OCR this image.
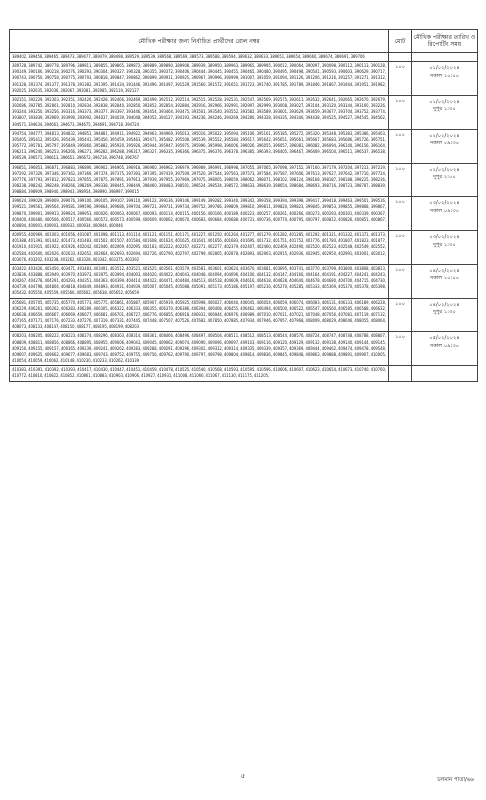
মৌখিক পরীক্ষার জন্য নির্বাচিত প্রার্থীদের রোল নম্বর	মোট	মৌখিক পরীক্ষার তারিখ ও রিপোর্টিং সময়
389402, 389456, 389465, 389473, 389477, 389479, 389498, 389529, 389539, 389568, 389569, 389573, 389588, 389594, 389632, 389633, 389651, 389654, 389660, 389674, 389691, 389706		

389728, 389742, 389778, 389796, 389811, 389855, 389865, 389872, 389889, 389890, 389908, 389939, 389950, 389963, 389965, 389995, 390012, 390064, 390097, 390098, 390112, 390113, 390128, 390149, 390166, 390218, 390276, 390293, 390304, 390327, 390328, 390355, 390372, 390406, 390444, 390445, 390455, 390465, 390480, 390495, 390498, 390541, 390593, 390603, 390629, 390717, 390743, 390750, 390758, 390775, 390793, 390818, 390847, 390862, 390899, 390911, 390925, 390967, 390996, 390999, 391007, 391059, 391094, 391126, 391206, 391216, 391257, 391271, 391312, 391328, 391374, 391377, 391378, 391382, 391395, 391434, 391446, 391496, 391497, 391529, 391560, 391572, 391651, 391723, 391740, 391785, 391789, 391846, 391867, 391944, 391951, 391982, 392025, 392035, 392036, 392067, 392081, 392085, 392119, 392127	১০০	০১/০২/২০২৪
সকাল ১০:০০

392151, 392229, 392303, 392351, 392420, 392428, 392466, 392469, 392499, 392512, 392514, 392515, 392528, 392531, 392547, 392569, 392575, 392611, 392632, 392641, 392665, 392670, 392679, 392686, 392785, 392801, 392810, 392834, 392838, 392840, 392850, 392852, 392854, 392884, 392916, 392966, 392991, 392997, 392999, 393008, 393027, 393104, 393120, 393144, 393160, 393226, 393244, 393250, 393256, 393316, 393373, 393377, 393397, 393446, 393454, 393464, 393475, 393501, 393540, 393552, 393582, 393589, 393601, 393629, 393659, 393677, 393704, 393752, 393774, 393807, 393839, 393969, 393990, 393992, 394037, 394039, 394048, 394052, 394127, 394193, 394236, 394246, 394269, 394280, 394328, 394335, 394346, 394438, 394525, 394527, 394545, 394562, 394571, 394634, 394661, 394673, 394675, 394691, 394718, 394724	১০০	০১/০২/২০২৪
দুপুর ১:৩০

394754, 394777, 394813, 394832, 394851, 394881, 394911, 394922, 394963, 394969, 395013, 395016, 395022, 395094, 395106, 395161, 395185, 395272, 395320, 395348, 395383, 395386, 395403, 395405, 395412, 395426, 395439, 395441, 395456, 395459, 395463, 395471, 395482, 395508, 395539, 395552, 395584, 395617, 395642, 395651, 395661, 395667, 395683, 395686, 395726, 395751, 395772, 395781, 395797, 395849, 395860, 395882, 395920, 395926, 395944, 395947, 395975, 395996, 395998, 396006, 396026, 396055, 396057, 396081, 396082, 396094, 396140, 396156, 396164, 396213, 396240, 396253, 396266, 396271, 396282, 396288, 396317, 396327, 396335, 396366, 396375, 396376, 396378, 396385, 396393, 396405, 396467, 396469, 396504, 396511, 396537, 396538, 396539, 396571, 396613, 396651, 396672, 396718, 396748, 396767	১০০	০২/০২/২০২৪
সকাল ০৯:৩০

396851, 396853, 396871, 396883, 396890, 396902, 396905, 396918, 396960, 396962, 396979, 396989, 396991, 396998, 397055, 397065, 397098, 397152, 397160, 397179, 397204, 397213, 397219, 397292, 397329, 397346, 397362, 397369, 397374, 397375, 397393, 397395, 397419, 397509, 397520, 397544, 397563, 397573, 397584, 397587, 397606, 397613, 397627, 397642, 397710, 397724, 397776, 397793, 397812, 397823, 397855, 397875, 397891, 397913, 397939, 397955, 397969, 397975, 398005, 398059, 398062, 398071, 398102, 398124, 398168, 398187, 398188, 398225, 398236, 398238, 398242, 398248, 398266, 398269, 398338, 398445, 398449, 398460, 398483, 398501, 398524, 398534, 398572, 398633, 398639, 398654, 398684, 398693, 398716, 398723, 398787, 398839, 398884, 398909, 398940, 398943, 398954, 398990, 398997, 399015	১০০	০২/০২/২০২৪
দুপুর ২:০০

399024, 399029, 399069, 399076, 399100, 399105, 399107, 399110, 399122, 399136, 399146, 399149, 399282, 399340, 399342, 399358, 399394, 399398, 399417, 399418, 399463, 399501, 399516, 399521, 399561, 399564, 399581, 399596, 399664, 399686, 399704, 399721, 399731, 399734, 399752, 399786, 399809, 399810, 399811, 399820, 399823, 399845, 399853, 399855, 399868, 399867, 399870, 399901, 399913, 399924, 399953, 400026, 400063, 400067, 400093, 400114, 400115, 400156, 400166, 400189, 400223, 400257, 400261, 400266, 400273, 400293, 400301, 400339, 400367, 400400, 400480, 400506, 400517, 400560, 400572, 400573, 400599, 400609, 400662, 400670, 400683, 400684, 400688, 400731, 400736, 400770, 400795, 400797, 400812, 400826, 400851, 400867, 400894, 400901, 400903, 400933, 400934, 400944, 400946	১০০	০৩/০২/২০২৪
সকাল ০৯:৩০

400955, 400969, 401003, 401056, 401087, 401098, 401113, 401114, 401121, 401151, 401171, 401227, 401250, 401264, 401277, 401279, 401282, 401285, 401292, 401321, 401332, 401371, 401373, 401388, 401393, 401442, 401473, 401483, 401502, 401507, 401584, 401608, 401624, 401625, 401641, 401656, 401683, 401695, 401732, 401751, 401752, 401776, 401784, 401807, 401823, 401877, 401910, 401915, 401922, 401926, 402042, 402046, 402069, 402095, 402183, 402222, 402267, 402271, 402277, 402379, 402407, 402460, 402469, 402490, 402520, 402523, 402548, 402549, 402552, 402584, 402600, 402626, 402633, 402652, 402664, 402693, 402694, 402726, 402790, 402797, 402799, 402805, 402878, 402893, 402903, 402915, 402936, 402945, 402950, 402991, 403001, 403012, 403076, 403202, 403238, 403262, 403328, 403342, 403375, 403392	১০০	০৩/০২/২০২৪
দুপুর ১:৩০

403422, 403426, 403456, 403471, 403483, 403491, 403512, 403521, 403525, 403561, 403579, 403581, 403601, 403624, 403670, 403681, 403695, 403741, 403770, 403799, 403800, 403808, 403813, 403836, 403888, 403949, 403970, 403973, 403975, 403994, 404003, 404020, 404022, 404043, 404048, 404094, 404096, 404100, 404132, 404147, 404160, 404164, 404191, 404227, 404241, 404243, 404267, 404278, 404291, 404293, 404351, 404363, 404399, 404414, 404422, 404471, 404484, 404513, 404518, 404609, 404616, 404618, 404628, 404640, 404678, 404680, 404700, 404715, 404730, 404739, 404798, 404804, 404818, 404849, 404893, 404931, 404939, 405007, 405045, 405088, 405091, 405173, 405186, 405197, 405216, 405270, 405285, 405333, 405369, 405370, 405378, 405398, 405432, 405550, 405559, 405566, 405602, 405638, 405652, 405659	১০০	০৪/০২/২০২৪
সকাল ১০:০০

405681, 405705, 405735, 405770, 405773, 405775, 405861, 405887, 405907, 405919, 405925, 405998, 406027, 406040, 406045, 406054, 406059, 406074, 406083, 406131, 406133, 406189, 406228, 406229, 406261, 406262, 406283, 406289, 406305, 406322, 406333, 406355, 406370, 406386, 406394, 406408, 406455, 406462, 406494, 406500, 406522, 406547, 406560, 406585, 406588, 406632, 406638, 406659, 406667, 406669, 406677, 406681, 406701, 406727, 406776, 406855, 406918, 406931, 406944, 406976, 406989, 407010, 407011, 407021, 407048, 407056, 407081, 407119, 407132, 407165, 407171, 407176, 407233, 407276, 407319, 407331, 407445, 407448, 407507, 407526, 407682, 407850, 407885, 407934, 407946, 407957, 407968, 408009, 408029, 408046, 408055, 408064, 408073, 408133, 408147, 408150, 408177, 408195, 408199, 408203	১০০	০৪/০২/২০২৪
দুপুর ১:৩০

408203, 408205, 408222, 408223, 408274, 408296, 408303, 408314, 408361, 408466, 408496, 408497, 408504, 408511, 408512, 408513, 408544, 408576, 408724, 408747, 408748, 408788, 408807, 408809, 408811, 408856, 408866, 408895, 408955, 409006, 409043, 409045, 409062, 409074, 409090, 409096, 409097, 409103, 409116, 409120, 409129, 409132, 409138, 409140, 409144, 409145, 409150, 409155, 409157, 409165, 409239, 409241, 409262, 409283, 409288, 409291, 409296, 409302, 409312, 409314, 409335, 409339, 409357, 409369, 409444, 409462, 409474, 409478, 409548, 409607, 409625, 409662, 409677, 409683, 409743, 409752, 409755, 409756, 409762, 409790, 409797, 409798, 409804, 409814, 409836, 409845, 409848, 409863, 409888, 409891, 409907, 410005, 410054, 410059, 410062, 410148, 410230, 410233, 410262, 410339	১০০	০৫/০২/২০২৪
সকাল ০৯:৩০

410383, 410391, 410392, 410393, 410417, 410430, 410447, 410451, 410459, 410478, 410525, 410540, 410568, 410593, 410595, 410596, 410606, 410607, 410623, 410654, 410673, 410740, 410760, 410772, 410810, 410822, 410852, 410861, 410883, 410903, 410906, 410927, 410931, 411008, 411066, 411067, 411130, 411175, 411205,		
৫	চলমান পাতা/৬৬
